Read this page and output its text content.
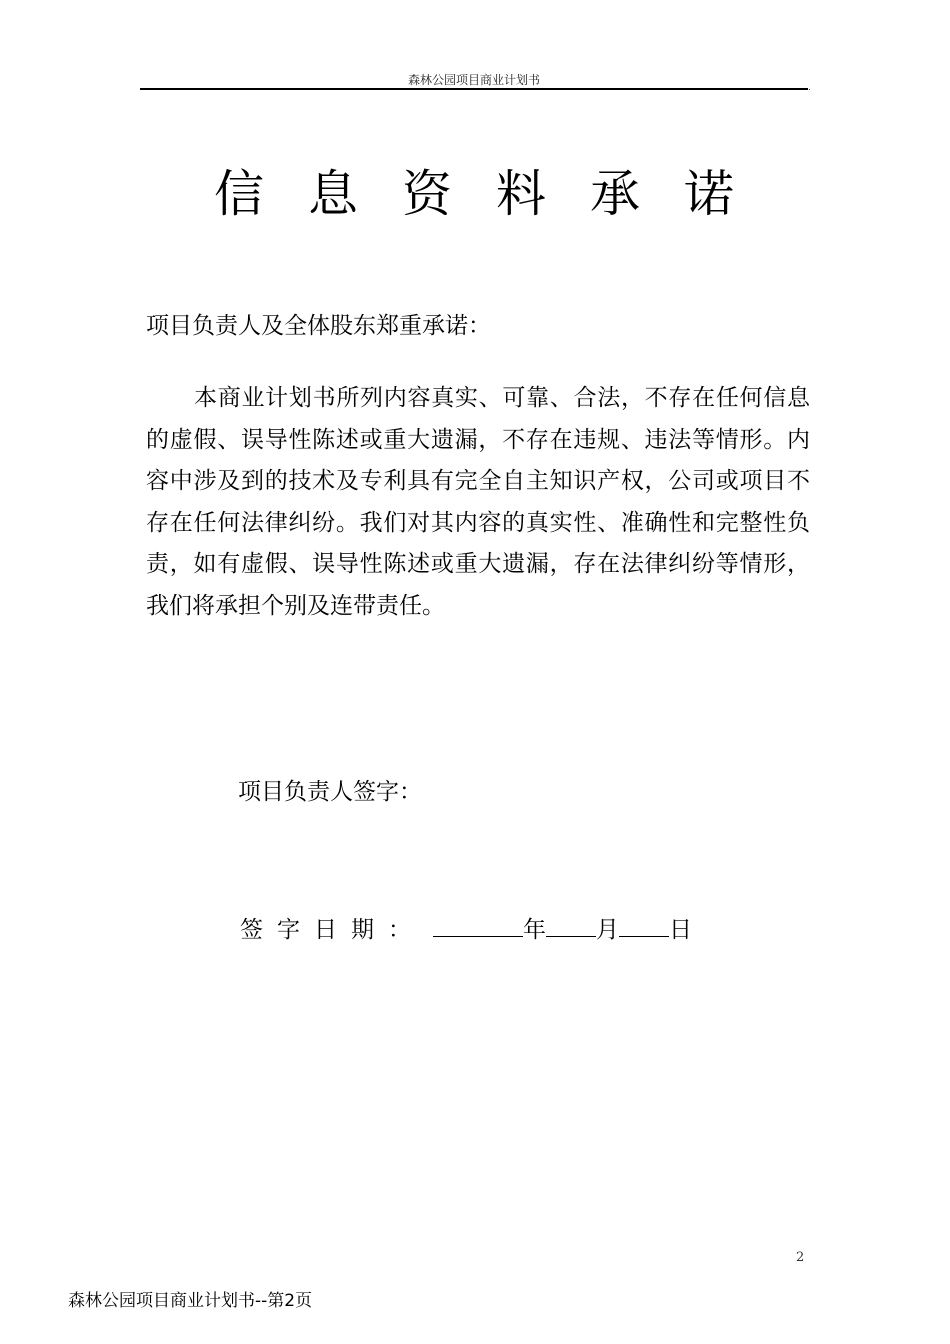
森林公园项目商业计划书
.
信息资料承诺

项目负责人及全体股东郑重承诺：

本商业计划书所列内容真实、可靠、合法，不存在任何信息的虚假、误导性陈述或重大遗漏，不存在违规、违法等情形。内容中涉及到的技术及专利具有完全自主知识产权，公司或项目不存在任何法律纠纷。我们对其内容的真实性、准确性和完整性负责，如有虚假、误导性陈述或重大遗漏，存在法律纠纷等情形，我们将承担个别及连带责任。

项目负责人签字：

签字日期：	年 月 日

2
森林公园项目商业计划书--第2页
